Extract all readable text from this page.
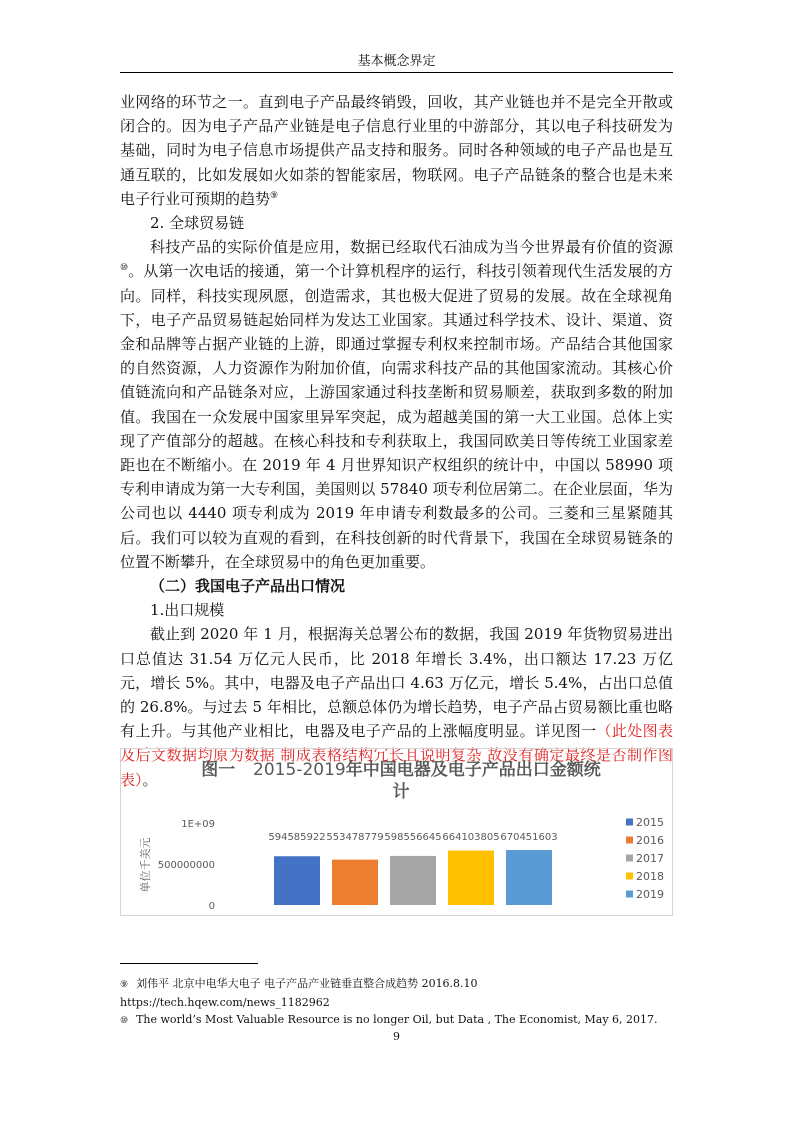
基本概念界定

业网络的环节之一。直到电子产品最终销毁，回收，其产业链也并不是完全开散或闭合的。因为电子产品产业链是电子信息行业里的中游部分，其以电子科技研发为基础，同时为电子信息市场提供产品支持和服务。同时各种领域的电子产品也是互通互联的，比如发展如火如荼的智能家居，物联网。电子产品链条的整合也是未来电子行业可预期的趋势⑨

2. 全球贸易链

科技产品的实际价值是应用，数据已经取代石油成为当今世界最有价值的资源⑩。从第一次电话的接通，第一个计算机程序的运行，科技引领着现代生活发展的方向。同样，科技实现夙愿，创造需求，其也极大促进了贸易的发展。故在全球视角下，电子产品贸易链起始同样为发达工业国家。其通过科学技术、设计、渠道、资金和品牌等占据产业链的上游，即通过掌握专利权来控制市场。产品结合其他国家的自然资源，人力资源作为附加价值，向需求科技产品的其他国家流动。其核心价值链流向和产品链条对应，上游国家通过科技垄断和贸易顺差，获取到多数的附加值。我国在一众发展中国家里异军突起，成为超越美国的第一大工业国。总体上实现了产值部分的超越。在核心科技和专利获取上，我国同欧美日等传统工业国家差距也在不断缩小。在 2019 年 4 月世界知识产权组织的统计中，中国以 58990 项专利申请成为第一大专利国，美国则以 57840 项专利位居第二。在企业层面，华为公司也以 4440 项专利成为 2019 年申请专利数最多的公司。三菱和三星紧随其后。我们可以较为直观的看到，在科技创新的时代背景下，我国在全球贸易链条的位置不断攀升，在全球贸易中的角色更加重要。

（二）我国电子产品出口情况

1.出口规模

截止到 2020 年 1 月，根据海关总署公布的数据，我国 2019 年货物贸易进出口总值达 31.54 万亿元人民币，比 2018 年增长 3.4%，出口额达 17.23 万亿元，增长 5%。其中，电器及电子产品出口 4.63 万亿元，增长 5.4%，占出口总值的 26.8%。与过去 5 年相比，总额总体仍为增长趋势，电子产品占贸易额比重也略有上升。与其他产业相比，电器及电子产品的上涨幅度明显。详见图一（此处图表及后文数据均原为数据 制成表格结构冗长且说明复杂 故没有确定最终是否制作图表）。	图一 2015-2019年中国电器及电子产品出口金额统
计
单位千美元
1E+09
500000000
0
594585922 553478779 598556645 664103805 670451603
2015
2016
2017
2018
2019
⑨ 刘伟平 北京中电华大电子 电子产品产业链垂直整合成趋势 2016.8.10
https://tech.hqew.com/news_1182962
⑩ The world’s Most Valuable Resource is no longer Oil, but Data , The Economist, May 6, 2017.
9
